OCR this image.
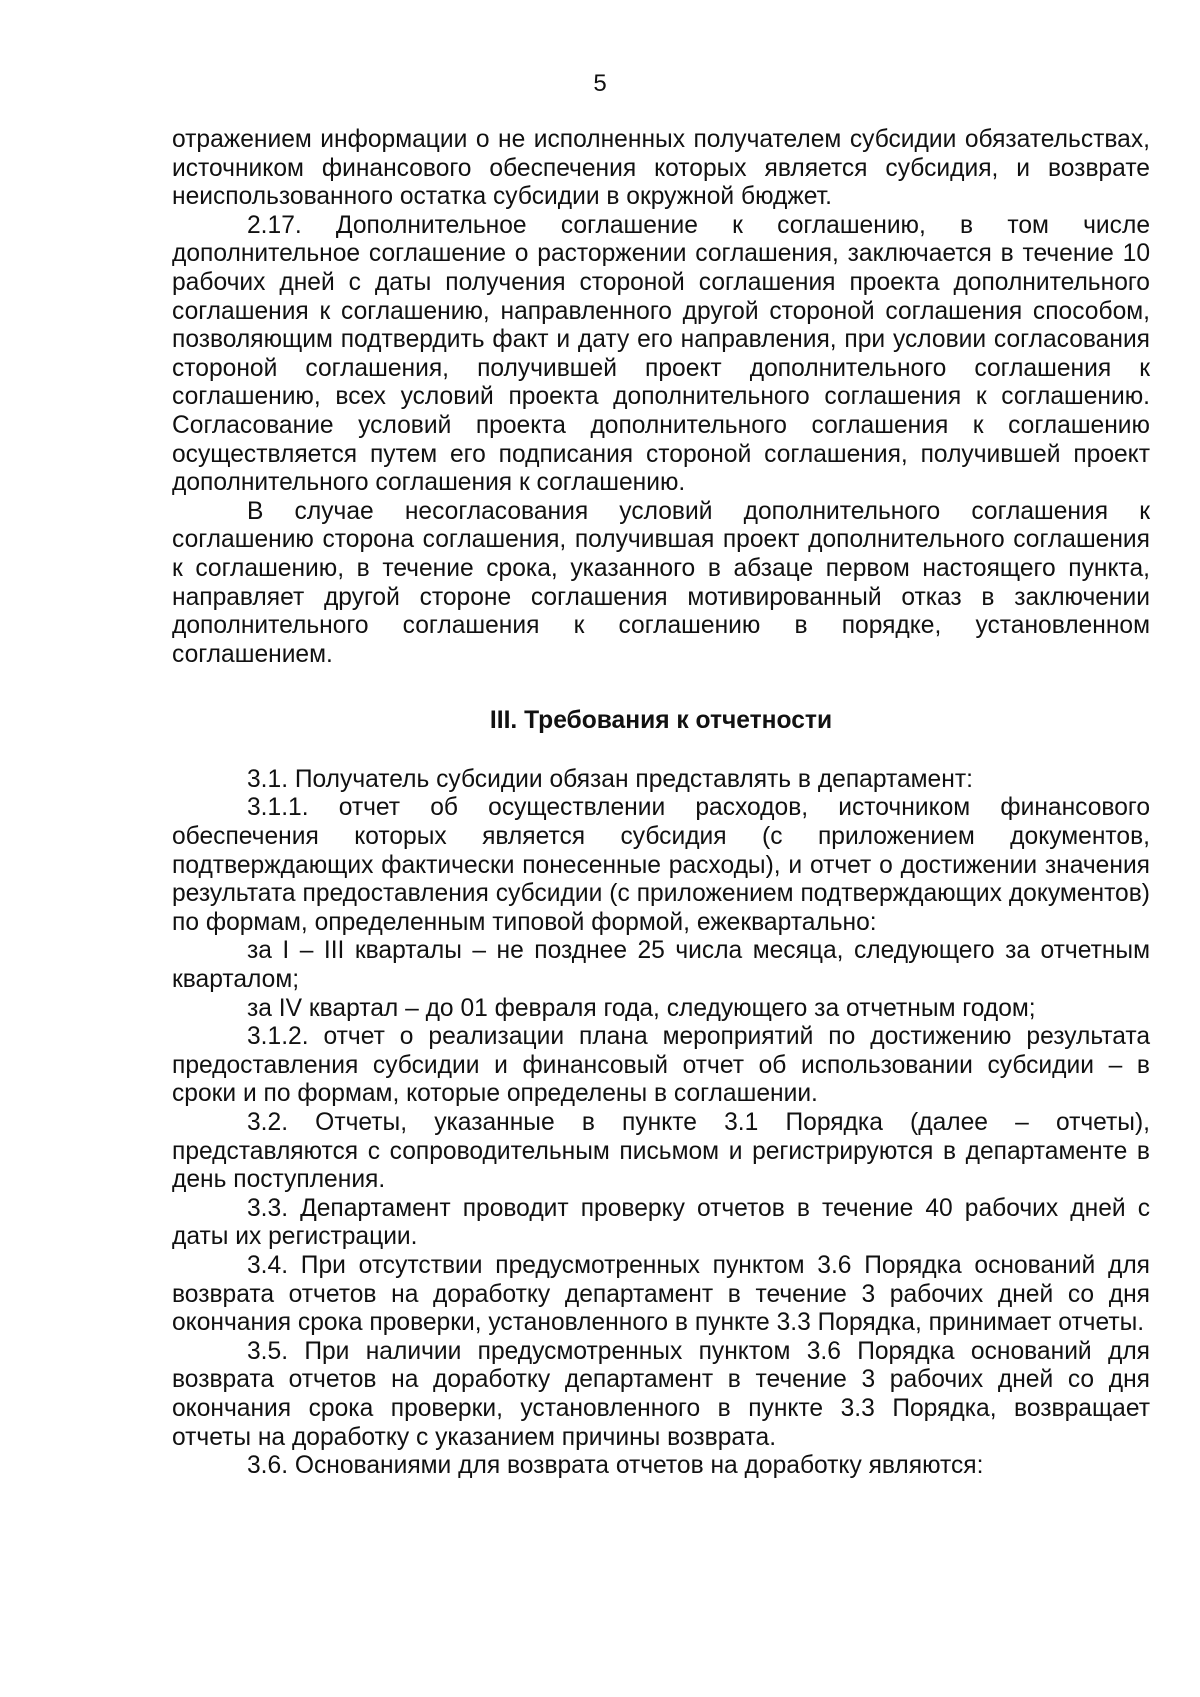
5

отражением информации о не исполненных получателем субсидии обязательствах, источником финансового обеспечения которых является субсидия, и возврате неиспользованного остатка субсидии в окружной бюджет.

2.17. Дополнительное соглашение к соглашению, в том числе дополнительное соглашение о расторжении соглашения, заключается в течение 10 рабочих дней с даты получения стороной соглашения проекта дополнительного соглашения к соглашению, направленного другой стороной соглашения способом, позволяющим подтвердить факт и дату его направления, при условии согласования стороной соглашения, получившей проект дополнительного соглашения к соглашению, всех условий проекта дополнительного соглашения к соглашению. Согласование условий проекта дополнительного соглашения к соглашению осуществляется путем его подписания стороной соглашения, получившей проект дополнительного соглашения к соглашению.

В случае несогласования условий дополнительного соглашения к соглашению сторона соглашения, получившая проект дополнительного соглашения к соглашению, в течение срока, указанного в абзаце первом настоящего пункта, направляет другой стороне соглашения мотивированный отказ в заключении дополнительного соглашения к соглашению в порядке, установленном соглашением.

III. Требования к отчетности

3.1. Получатель субсидии обязан представлять в департамент:

3.1.1. отчет об осуществлении расходов, источником финансового обеспечения которых является субсидия (с приложением документов, подтверждающих фактически понесенные расходы), и отчет о достижении значения результата предоставления субсидии (с приложением подтверждающих документов) по формам, определенным типовой формой, ежеквартально:

за I – III кварталы – не позднее 25 числа месяца, следующего за отчетным кварталом;

за IV квартал – до 01 февраля года, следующего за отчетным годом;

3.1.2. отчет о реализации плана мероприятий по достижению результата предоставления субсидии и финансовый отчет об использовании субсидии – в сроки и по формам, которые определены в соглашении.

3.2. Отчеты, указанные в пункте 3.1 Порядка (далее – отчеты), представляются с сопроводительным письмом и регистрируются в департаменте в день поступления.

3.3. Департамент проводит проверку отчетов в течение 40 рабочих дней с даты их регистрации.

3.4. При отсутствии предусмотренных пунктом 3.6 Порядка оснований для возврата отчетов на доработку департамент в течение 3 рабочих дней со дня окончания срока проверки, установленного в пункте 3.3 Порядка, принимает отчеты.

3.5. При наличии предусмотренных пунктом 3.6 Порядка оснований для возврата отчетов на доработку департамент в течение 3 рабочих дней со дня окончания срока проверки, установленного в пункте 3.3 Порядка, возвращает отчеты на доработку с указанием причины возврата.

3.6. Основаниями для возврата отчетов на доработку являются:
